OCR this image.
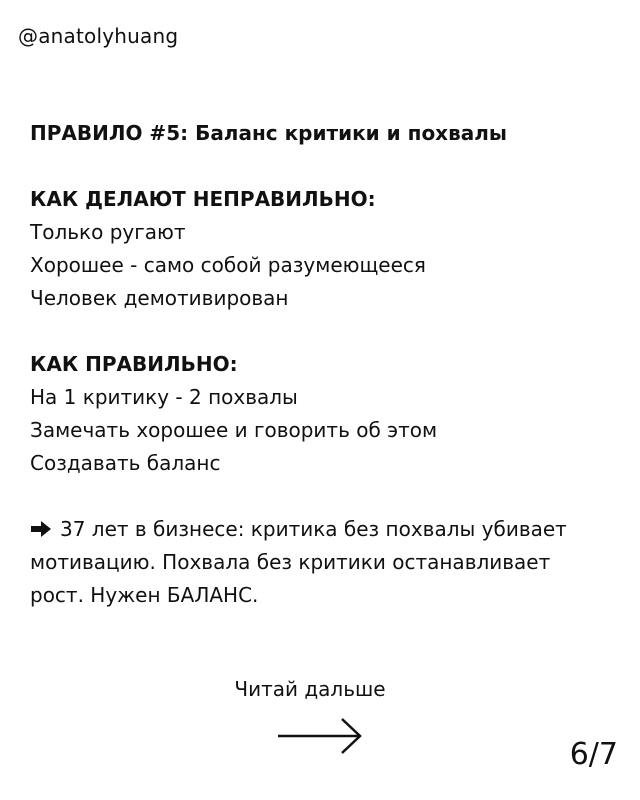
@anatolyhuang
ПРАВИЛО #5: Баланс критики и похвалы
КАК ДЕЛАЮТ НЕПРАВИЛЬНО:
Только ругают
Хорошее - само собой разумеющееся
Человек демотивирован
КАК ПРАВИЛЬНО:
На 1 критику - 2 похвалы
Замечать хорошее и говорить об этом
Создавать баланс
37 лет в бизнесе: критика без похвалы убивает
мотивацию. Похвала без критики останавливает
рост. Нужен БАЛАНС.
Читай дальше
6/7
